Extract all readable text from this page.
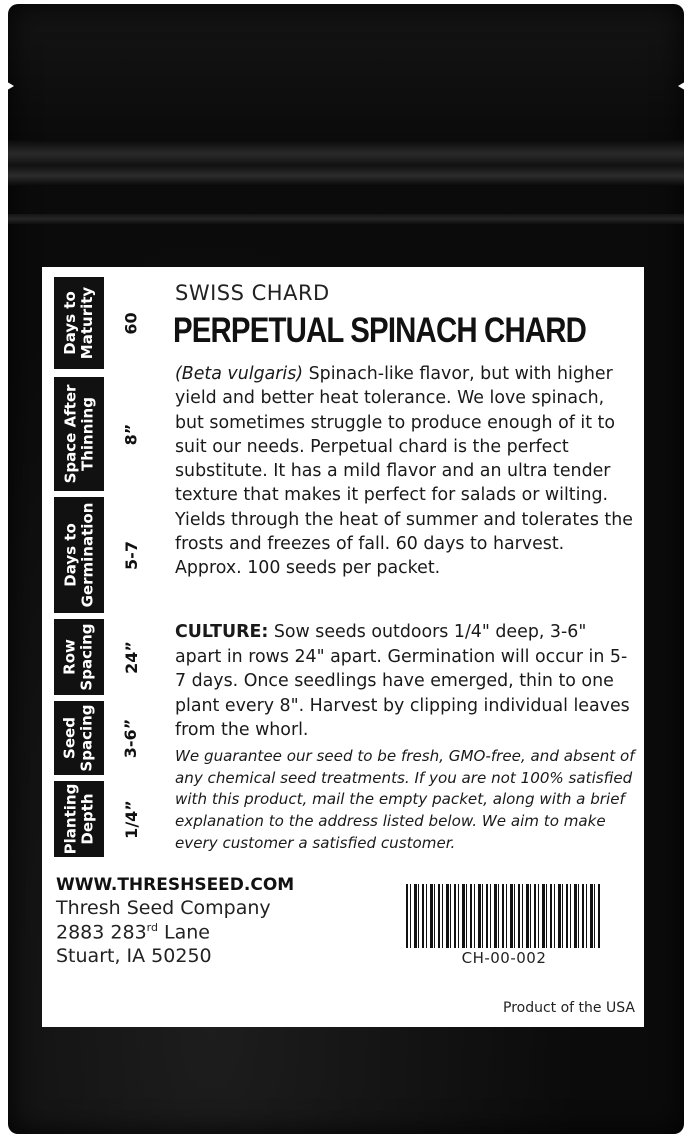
Days to
Maturity 60
Space After
Thinning 8”
Days to
Germination 5-7
Row
Spacing 24”
Seed
Spacing 3-6”
Planting
Depth 1/4”
SWISS CHARD
PERPETUAL SPINACH CHARD

(Beta vulgaris) Spinach-like flavor, but with higher yield and better heat tolerance. We love spinach, but sometimes struggle to produce enough of it to suit our needs. Perpetual chard is the perfect substitute. It has a mild flavor and an ultra tender texture that makes it perfect for salads or wilting. Yields through the heat of summer and tolerates the frosts and freezes of fall. 60 days to harvest. Approx. 100 seeds per packet.

CULTURE: Sow seeds outdoors 1/4" deep, 3-6" apart in rows 24" apart. Germination will occur in 5-7 days. Once seedlings have emerged, thin to one plant every 8". Harvest by clipping individual leaves from the whorl.

We guarantee our seed to be fresh, GMO-free, and absent of any chemical seed treatments. If you are not 100% satisfied with this product, mail the empty packet, along with a brief explanation to the address listed below. We aim to make every customer a satisfied customer.

WWW.THRESHSEED.COM
Thresh Seed Company
2883 283rd Lane
Stuart, IA 50250	CH-00-002
Product of the USA
